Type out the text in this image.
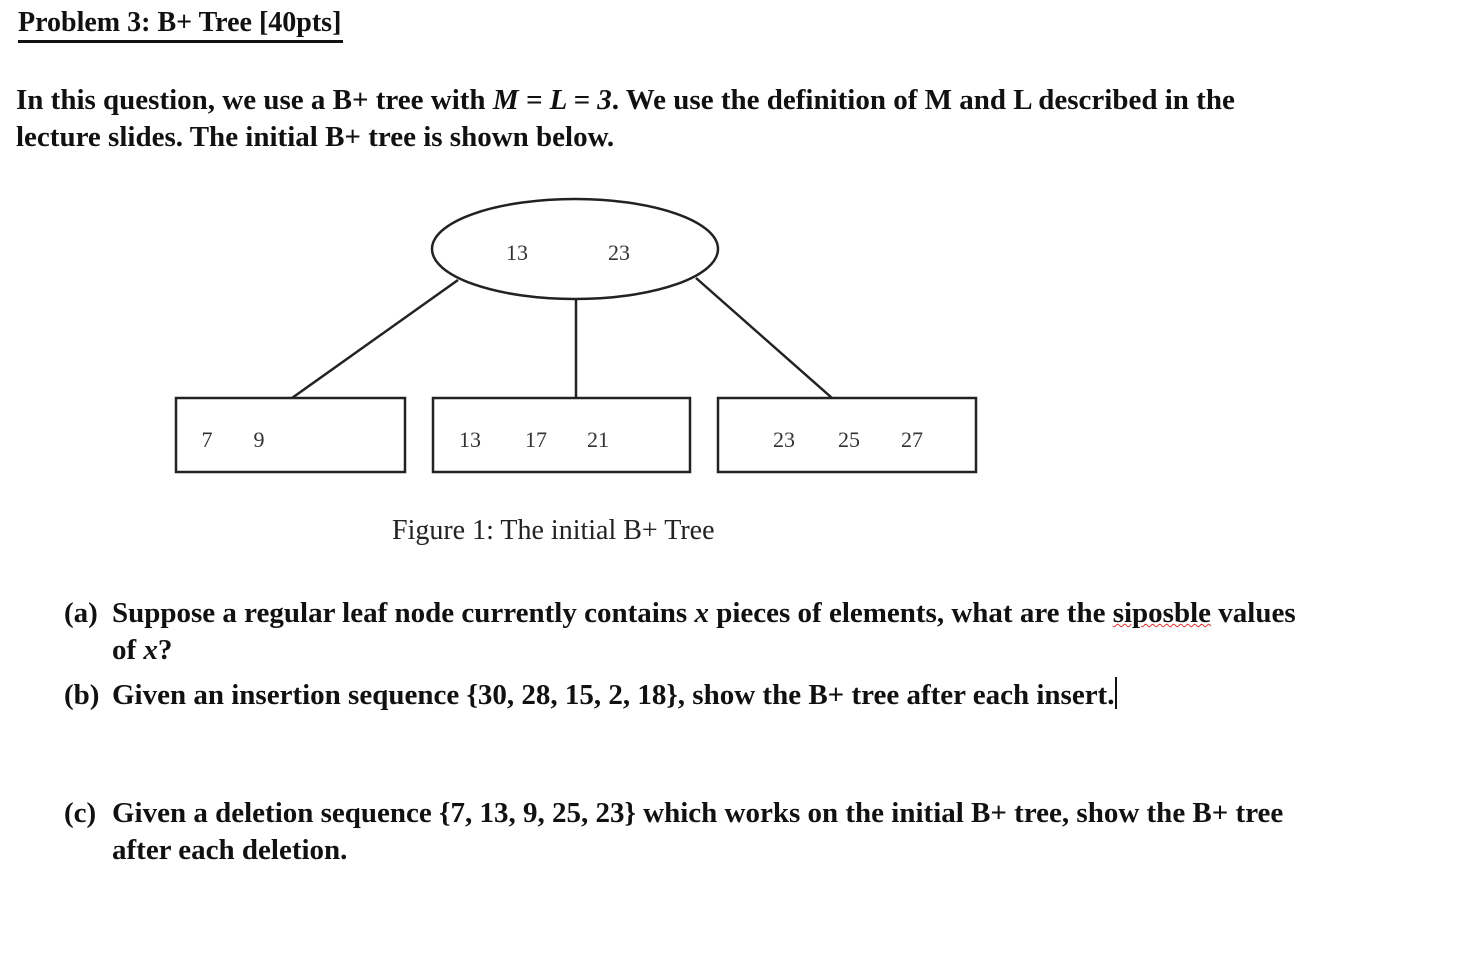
Problem 3: B+ Tree [40pts]
In this question, we use a B+ tree with M = L = 3. We use the definition of M and L described in the lecture slides. The initial B+ tree is shown below.
13	23
7 9	13 17 21	23 25 27
Figure 1: The initial B+ Tree
(a) Suppose a regular leaf node currently contains x pieces of elements, what are the siposble values of x?
(b) Given an insertion sequence {30, 28, 15, 2, 18}, show the B+ tree after each insert.
(c) Given a deletion sequence {7, 13, 9, 25, 23} which works on the initial B+ tree, show the B+ tree after each deletion.
